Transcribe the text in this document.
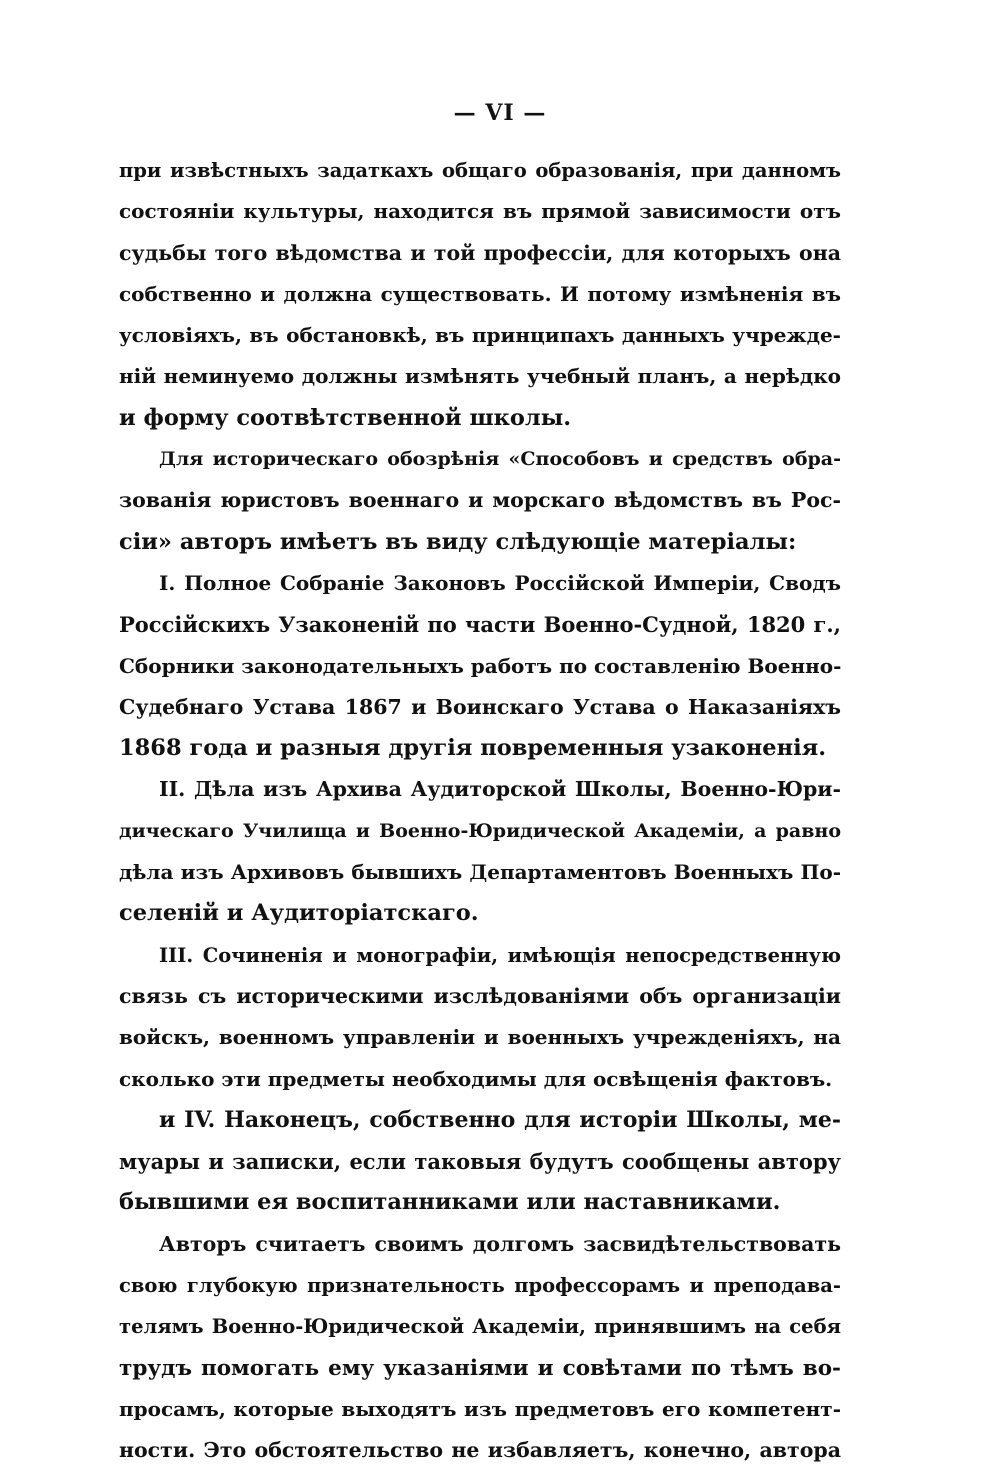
— VI —
при извѣстныхъ задаткахъ общаго образованія, при данномъ
состояніи культуры, находится въ прямой зависимости отъ
судьбы того вѣдомства и той профессіи, для которыхъ она
собственно и должна существовать. И потому измѣненія въ
условіяхъ, въ обстановкѣ, въ принципахъ данныхъ учрежде-
ній неминуемо должны измѣнять учебный планъ, а нерѣдко
и форму соотвѣтственной школы.
Для историческаго обозрѣнія «Способовъ и средствъ обра-
зованія юристовъ военнаго и морскаго вѣдомствъ въ Рос-
сіи» авторъ имѣетъ въ виду слѣдующіе матеріалы:
I. Полное Собраніе Законовъ Россійской Имперіи, Сводъ
Россійскихъ Узаконеній по части Военно-Судной, 1820 г.,
Сборники законодательныхъ работъ по составленію Военно-
Судебнаго Устава 1867 и Воинскаго Устава о Наказаніяхъ
1868 года и разныя другія повременныя узаконенія.
II. Дѣла изъ Архива Аудиторской Школы, Военно-Юри-
дическаго Училища и Военно-Юридической Академіи, а равно
дѣла изъ Архивовъ бывшихъ Департаментовъ Военныхъ По-
селеній и Аудиторіатскаго.
III. Сочиненія и монографіи, имѣющія непосредственную
связь съ историческими изслѣдованіями объ организаціи
войскъ, военномъ управленіи и военныхъ учрежденіяхъ, на
сколько эти предметы необходимы для освѣщенія фактовъ.
и IV. Наконецъ, собственно для исторіи Школы, ме-
муары и записки, если таковыя будутъ сообщены автору
бывшими ея воспитанниками или наставниками.
Авторъ считаетъ своимъ долгомъ засвидѣтельствовать
свою глубокую признательность профессорамъ и преподава-
телямъ Военно-Юридической Академіи, принявшимъ на себя
трудъ помогать ему указаніями и совѣтами по тѣмъ во-
просамъ, которые выходятъ изъ предметовъ его компетент-
ности. Это обстоятельство не избавляетъ, конечно, автора
